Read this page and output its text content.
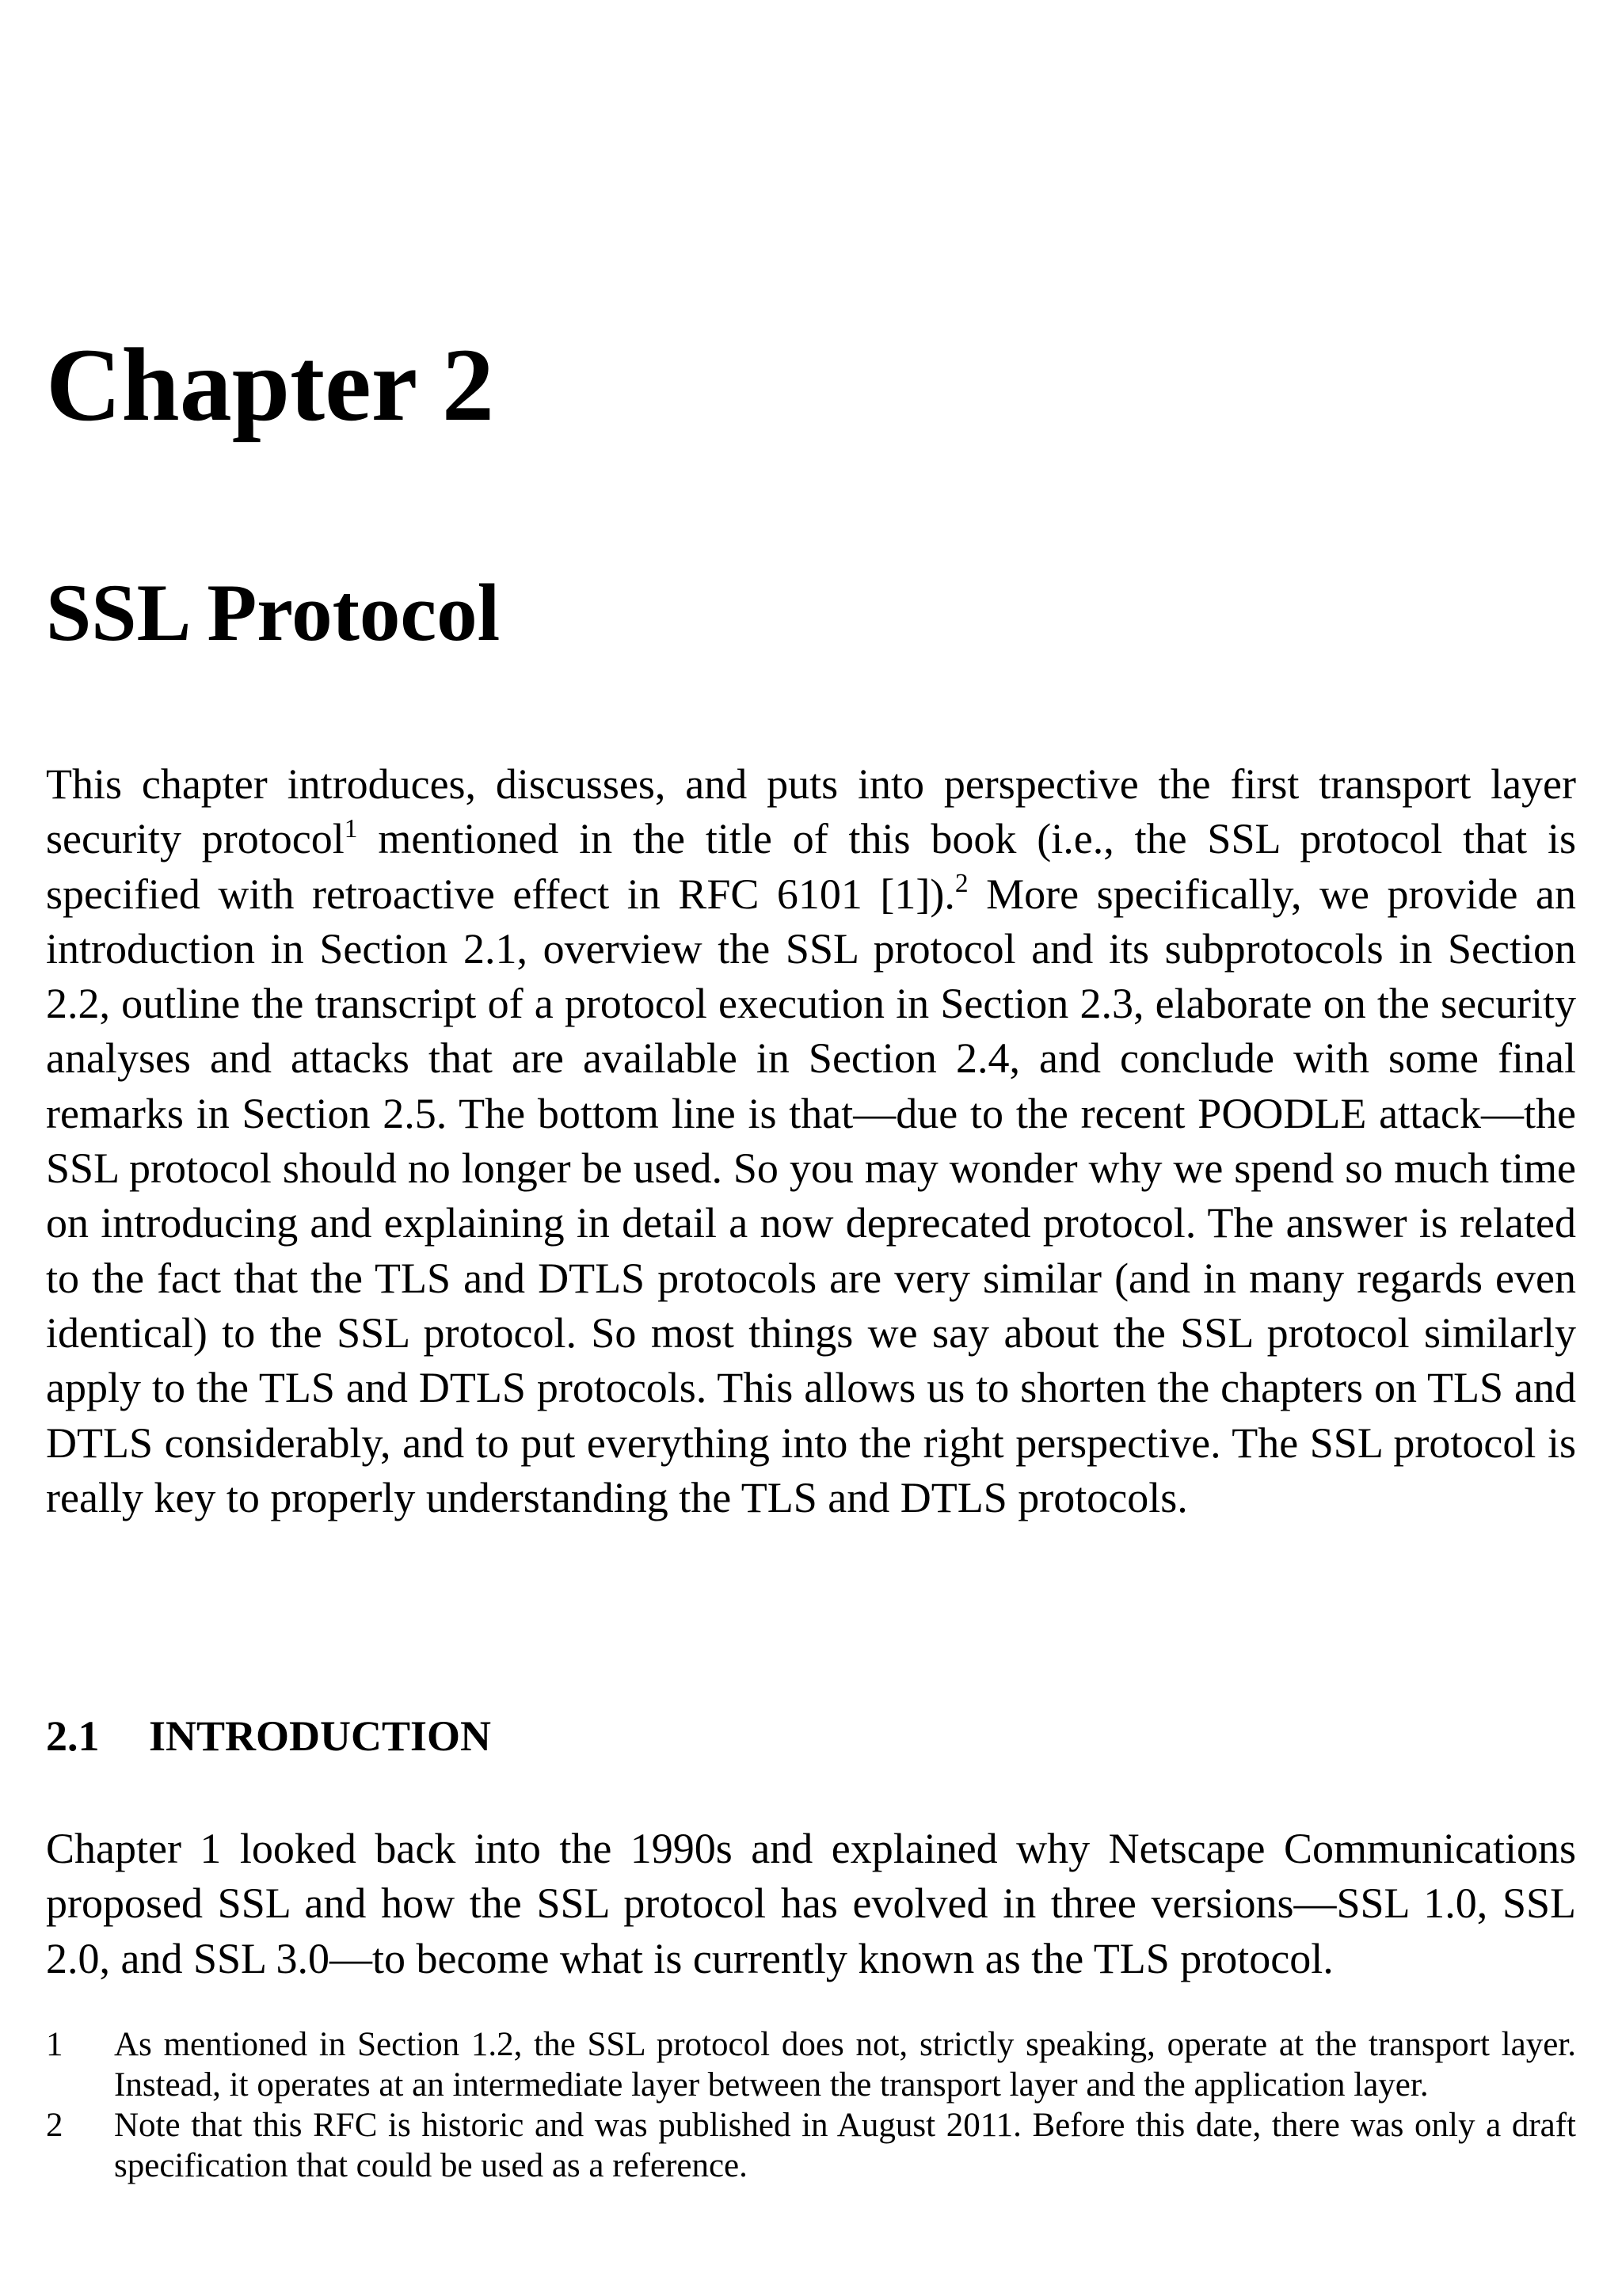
Chapter 2
SSL Protocol

This chapter introduces, discusses, and puts into perspective the first transport layer security protocol$^1$ mentioned in the title of this book (i.e., the SSL protocol that is specified with retroactive effect in RFC 6101 [1]).$^2$ More specifically, we provide an introduction in Section 2.1, overview the SSL protocol and its subprotocols in Section 2.2, outline the transcript of a protocol execution in Section 2.3, elaborate on the security analyses and attacks that are available in Section 2.4, and conclude with some final remarks in Section 2.5. The bottom line is that—due to the recent POODLE attack—the SSL protocol should no longer be used. So you may wonder why we spend so much time on introducing and explaining in detail a now deprecated protocol. The answer is related to the fact that the TLS and DTLS protocols are very similar (and in many regards even identical) to the SSL protocol. So most things we say about the SSL protocol similarly apply to the TLS and DTLS protocols. This allows us to shorten the chapters on TLS and DTLS considerably, and to put everything into the right perspective. The SSL protocol is really key to properly understanding the TLS and DTLS protocols.

2.1 INTRODUCTION

Chapter 1 looked back into the 1990s and explained why Netscape Communications proposed SSL and how the SSL protocol has evolved in three versions—SSL 1.0, SSL 2.0, and SSL 3.0—to become what is currently known as the TLS protocol.

1 As mentioned in Section 1.2, the SSL protocol does not, strictly speaking, operate at the transport layer. Instead, it operates at an intermediate layer between the transport layer and the application layer.
2 Note that this RFC is historic and was published in August 2011. Before this date, there was only a draft specification that could be used as a reference.
